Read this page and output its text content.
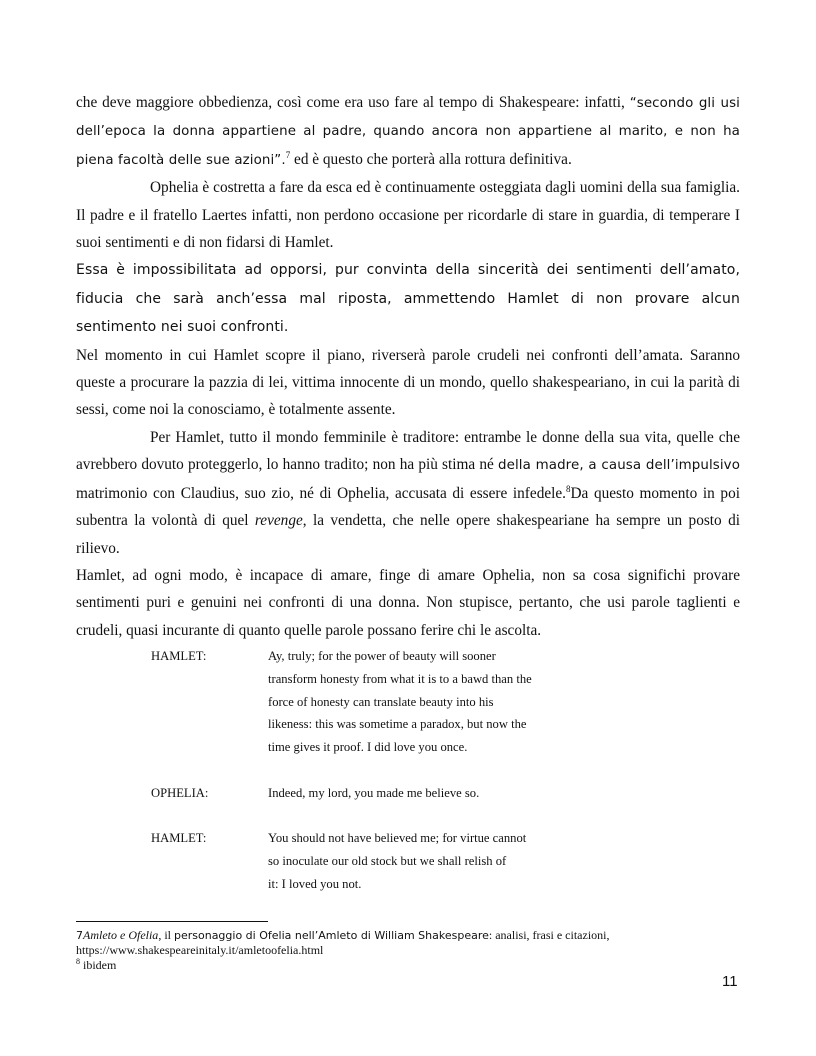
che deve maggiore obbedienza, così come era uso fare al tempo di Shakespeare: infatti, “secondo gli usi dell’epoca la donna appartiene al padre, quando ancora non appartiene al marito, e non ha piena facoltà delle sue azioni”.$^7$ ed è questo che porterà alla rottura definitiva.

Ophelia è costretta a fare da esca ed è continuamente osteggiata dagli uomini della sua famiglia. Il padre e il fratello Laertes infatti, non perdono occasione per ricordarle di stare in guardia, di temperare I suoi sentimenti e di non fidarsi di Hamlet.

Essa è impossibilitata ad opporsi, pur convinta della sincerità dei sentimenti dell’amato, fiducia che sarà anch’essa mal riposta, ammettendo Hamlet di non provare alcun sentimento nei suoi confronti.

Nel momento in cui Hamlet scopre il piano, riverserà parole crudeli nei confronti dell’amata. Saranno queste a procurare la pazzia di lei, vittima innocente di un mondo, quello shakespeariano, in cui la parità di sessi, come noi la conosciamo, è totalmente assente.

Per Hamlet, tutto il mondo femminile è traditore: entrambe le donne della sua vita, quelle che avrebbero dovuto proteggerlo, lo hanno tradito; non ha più stima né della madre, a causa dell’impulsivo matrimonio con Claudius, suo zio, né di Ophelia, accusata di essere infedele.$^8$Da questo momento in poi subentra la volontà di quel revenge, la vendetta, che nelle opere shakespeariane ha sempre un posto di rilievo.

Hamlet, ad ogni modo, è incapace di amare, finge di amare Ophelia, non sa cosa significhi provare sentimenti puri e genuini nei confronti di una donna. Non stupisce, pertanto, che usi parole taglienti e crudeli, quasi incurante di quanto quelle parole possano ferire chi le ascolta.

HAMLET:	Ay, truly; for the power of beauty will sooner
transform honesty from what it is to a bawd than the
force of honesty can translate beauty into his
likeness: this was sometime a paradox, but now the
time gives it proof. I did love you once.
OPHELIA:	Indeed, my lord, you made me believe so.
HAMLET:	You should not have believed me; for virtue cannot
so inoculate our old stock but we shall relish of
it: I loved you not.
7Amleto e Ofelia, il personaggio di Ofelia nell’Amleto di William Shakespeare: analisi, frasi e citazioni,
https://www.shakespeareinitaly.it/amletoofelia.html
$^8$ ibidem
11
